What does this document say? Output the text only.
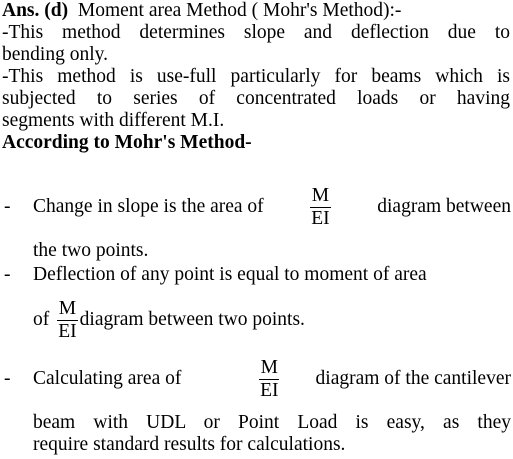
Ans. (d) Moment area Method ( Mohr's Method):-
-This method determines slope and deflection due to
bending only.
-This method is use-full particularly for beams which is
subjected to series of concentrated loads or having
segments with different M.I.
According to Mohr's Method-
- Change in slope is the area of $\frac{M}{EI}$ diagram between
the two points.
- Deflection of any point is equal to moment of area
of $\frac{M}{EI}$ diagram between two points.
- Calculating area of	$\frac{M}{EI}$ diagram of the cantilever
beam with UDL or Point Load is easy, as they
require standard results for calculations.
